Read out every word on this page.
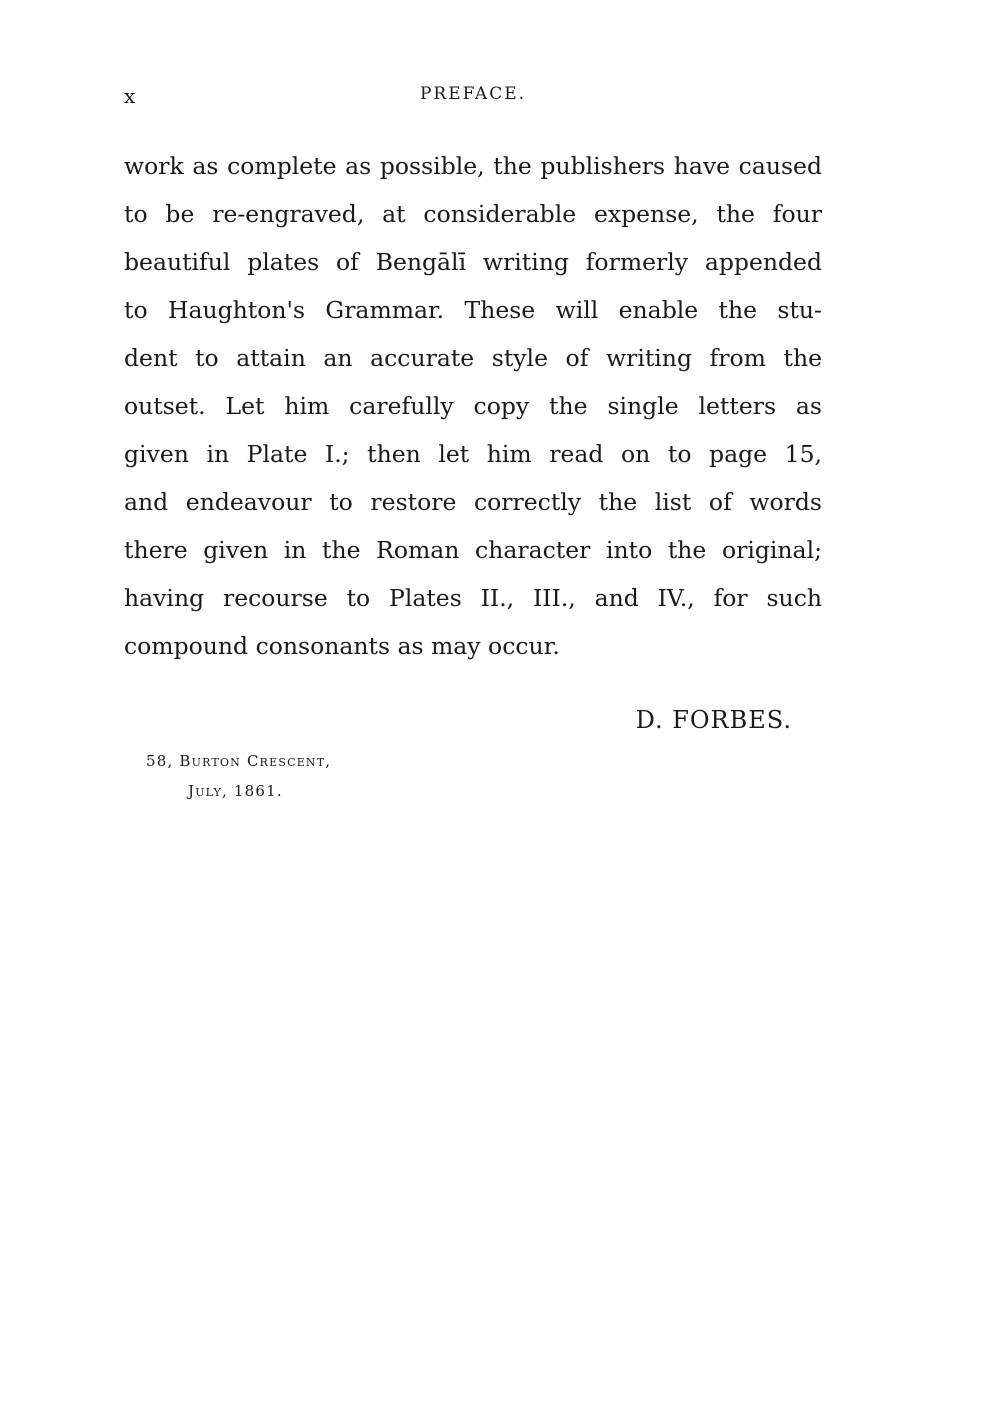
x	PREFACE.
work as complete as possible, the publishers have caused
to be re-engraved, at considerable expense, the four
beautiful plates of Bengālī writing formerly appended
to Haughton's Grammar. These will enable the stu-
dent to attain an accurate style of writing from the
outset. Let him carefully copy the single letters as
given in Plate I.; then let him read on to page 15,
and endeavour to restore correctly the list of words
there given in the Roman character into the original;
having recourse to Plates II., III., and IV., for such
compound consonants as may occur.
D. FORBES.
58, Burton Crescent,
July, 1861.
